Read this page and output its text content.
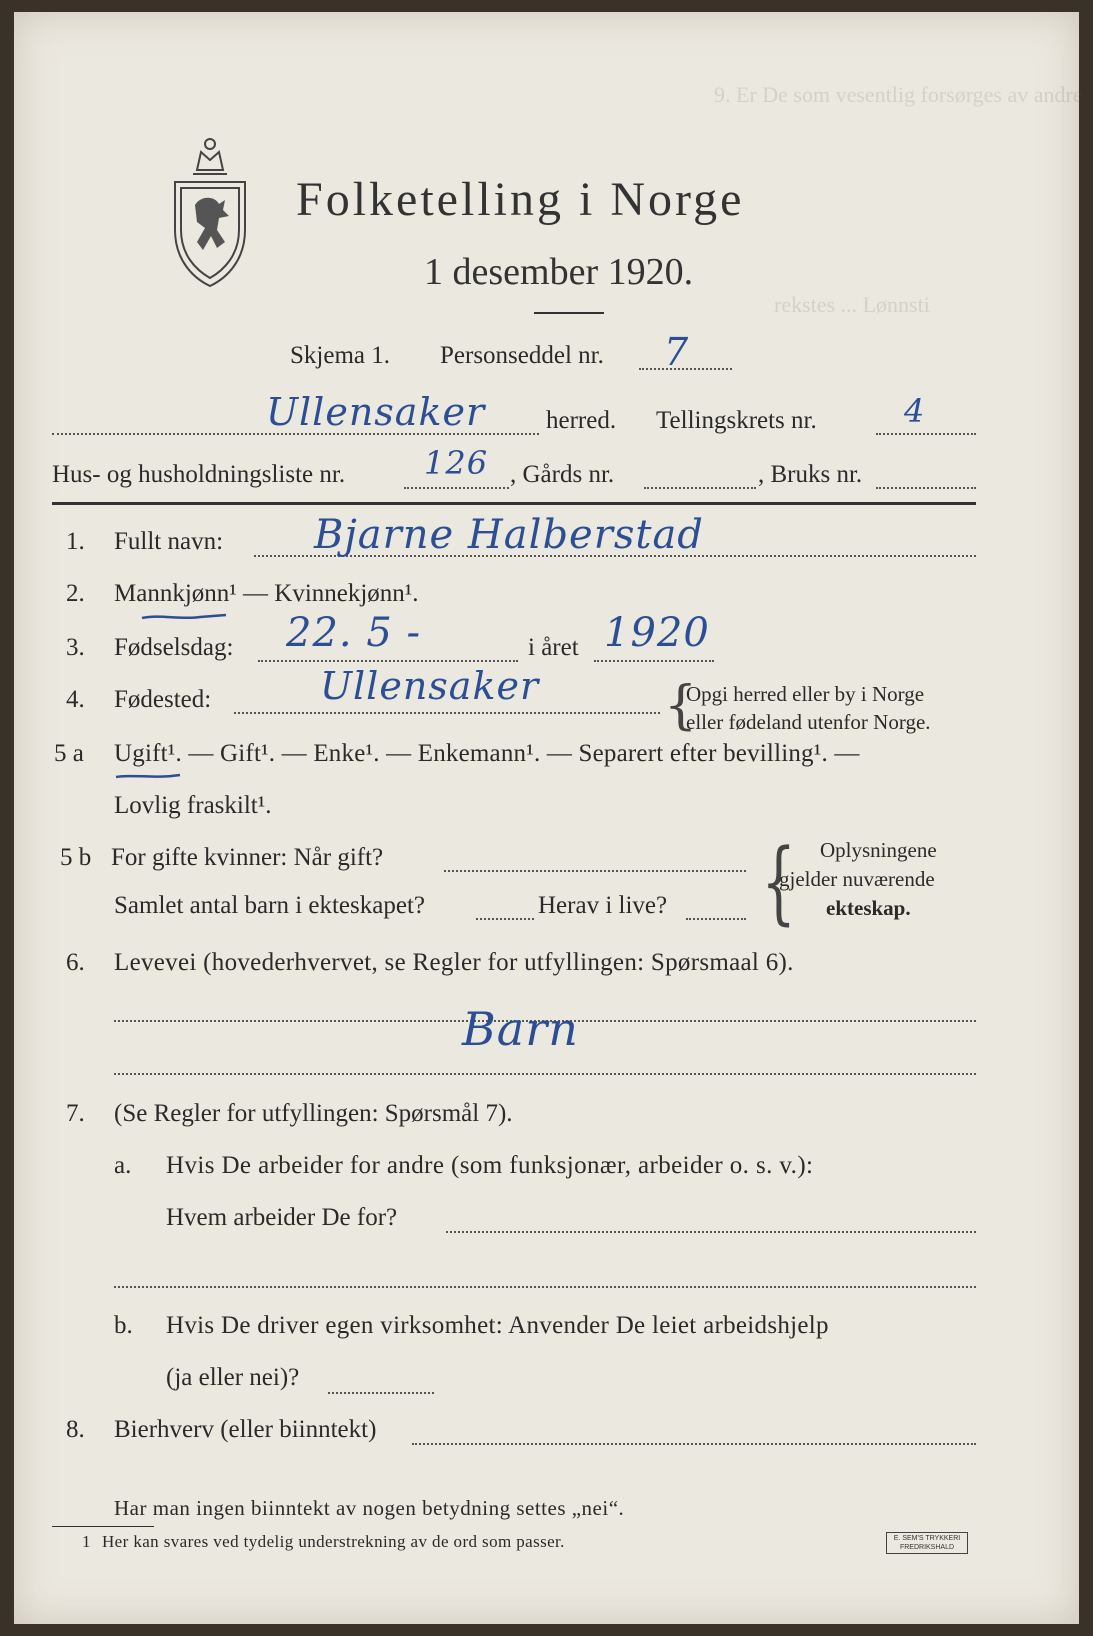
Folketelling i Norge
1 desember 1920.
9. Er De som vesentlig forsørges av andre
rekstes ... Lønnsti
Skjema 1. Personseddel nr. 7
Ullensaker herred. Tellingskrets nr.	4
Hus- og husholdningsliste nr. 126 , Gårds nr.	, Bruks nr.
1. Fullt navn: Bjarne Halberstad
2. Mannkjønn¹ — Kvinnekjønn¹.
3. Fødselsdag: 22. 5 -	i året 1920
4. Fødested:	Ullensaker {
Opgi herred eller by i Norge
eller fødeland utenfor Norge.
5 a Ugift¹. — Gift¹. — Enke¹. — Enkemann¹. — Separert efter bevilling¹. —
Lovlig fraskilt¹.
5 b For gifte kvinner: Når gift?
Samlet antal barn i ekteskapet?	Herav i live? { Oplysningene
gjelder nuværende
ekteskap.
6. Levevei (hovederhvervet, se Regler for utfyllingen: Spørsmaal 6).
Barn
7. (Se Regler for utfyllingen: Spørsmål 7).
a. Hvis De arbeider for andre (som funksjonær, arbeider o. s. v.):
Hvem arbeider De for?
b. Hvis De driver egen virksomhet: Anvender De leiet arbeidshjelp
(ja eller nei)?
8. Bierhverv (eller biinntekt)
Har man ingen biinntekt av nogen betydning settes „nei“.
1 Her kan svares ved tydelig understrekning av de ord som passer.	E. SEM'S TRYKKERI
FREDRIKSHALD
